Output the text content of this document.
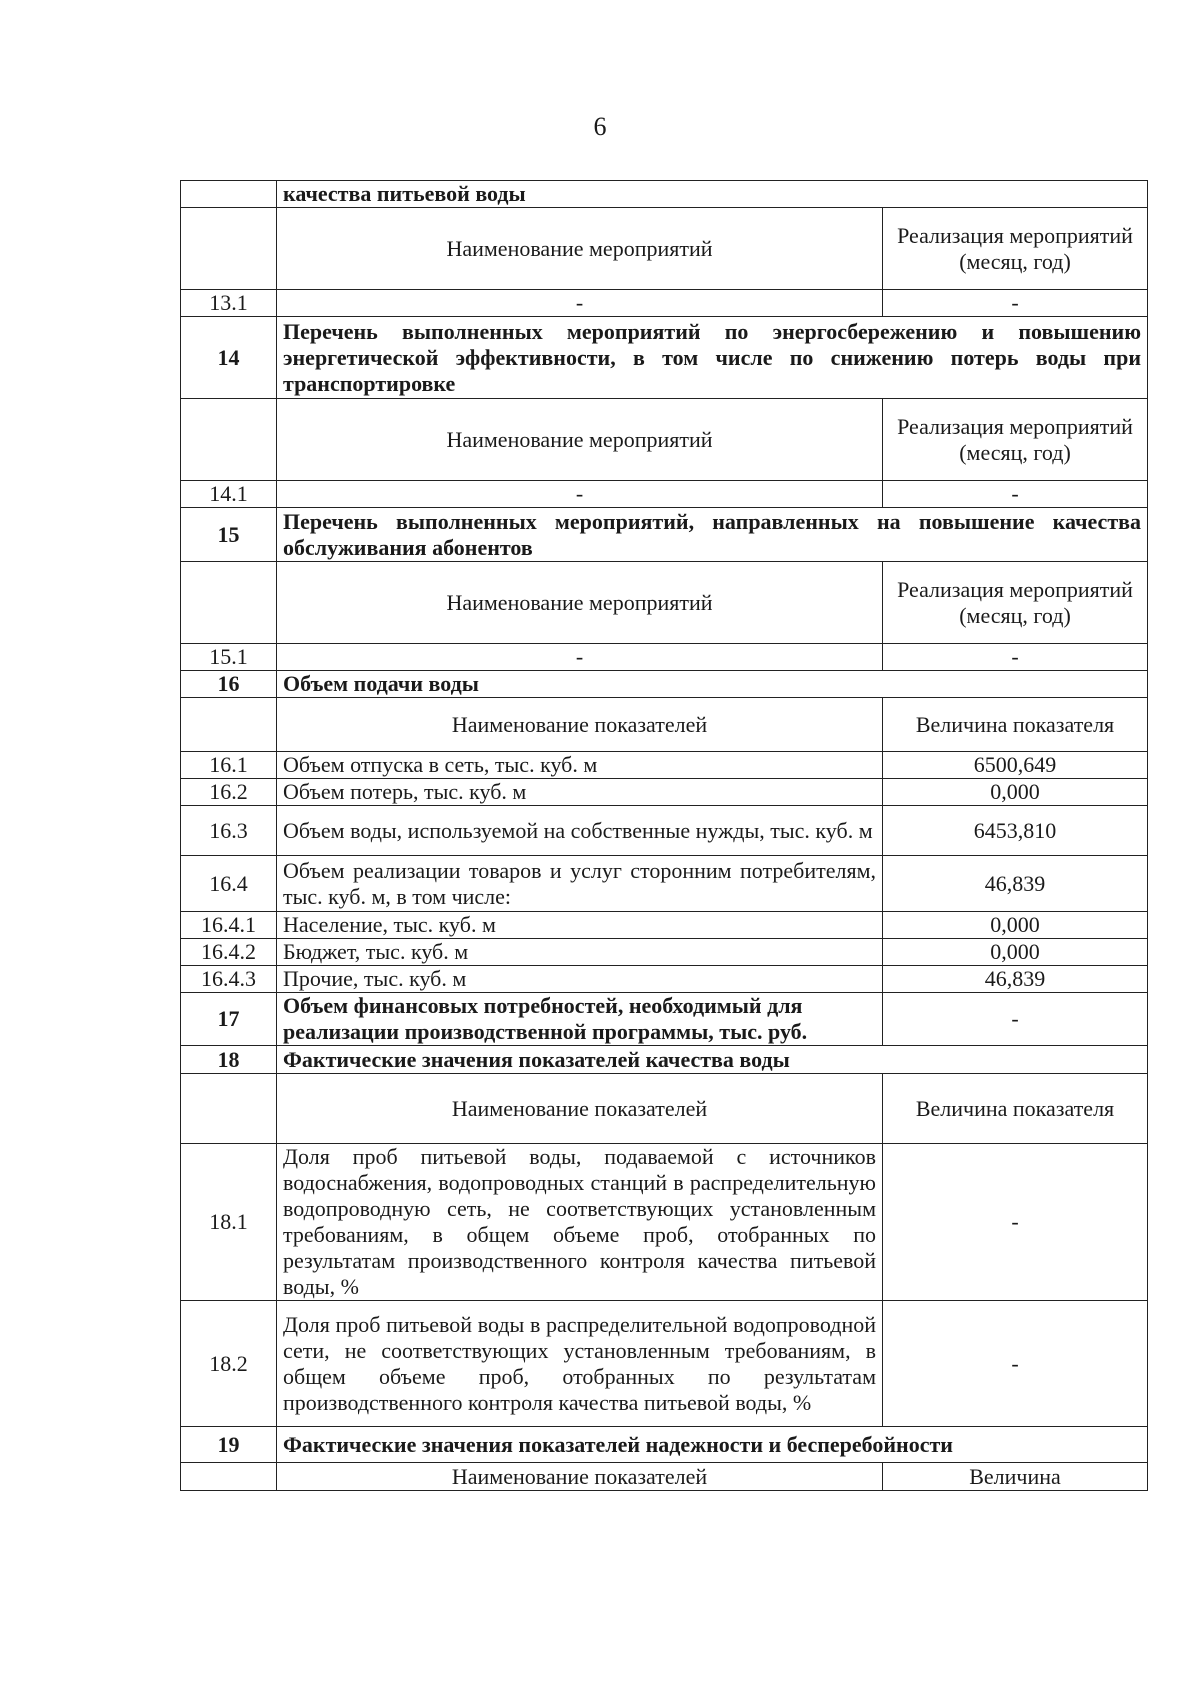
6
	качества питьевой воды	
	Наименование мероприятий	Реализация мероприятий (месяц, год)
13.1	-	-
14	Перечень выполненных мероприятий по энергосбережению и повышению энергетической эффективности, в том числе по снижению потерь воды при транспортировке	
	Наименование мероприятий	Реализация мероприятий (месяц, год)
14.1	-	-
15	Перечень выполненных мероприятий, направленных на повышение качества обслуживания абонентов	
	Наименование мероприятий	Реализация мероприятий (месяц, год)
15.1	-	-
16	Объем подачи воды	
	Наименование показателей	Величина показателя
16.1	Объем отпуска в сеть, тыс. куб. м	6500,649
16.2	Объем потерь, тыс. куб. м	0,000
16.3	Объем воды, используемой на собственные нужды, тыс. куб. м	6453,810
16.4	Объем реализации товаров и услуг сторонним потребителям, тыс. куб. м, в том числе:	46,839
16.4.1	Население, тыс. куб. м	0,000
16.4.2	Бюджет, тыс. куб. м	0,000
16.4.3	Прочие, тыс. куб. м	46,839
17	Объем финансовых потребностей, необходимый для реализации производственной программы, тыс. руб.	-
18	Фактические значения показателей качества воды	
	Наименование показателей	Величина показателя
18.1	Доля проб питьевой воды, подаваемой с источников водоснабжения, водопроводных станций в распределительную водопроводную сеть, не соответствующих установленным требованиям, в общем объеме проб, отобранных по результатам производственного контроля качества питьевой воды, %	-
18.2	Доля проб питьевой воды в распределительной водопроводной сети, не соответствующих установленным требованиям, в общем объеме проб, отобранных по результатам производственного контроля качества питьевой воды, %	-
19	Фактические значения показателей надежности и бесперебойности	
	Наименование показателей	Величина
